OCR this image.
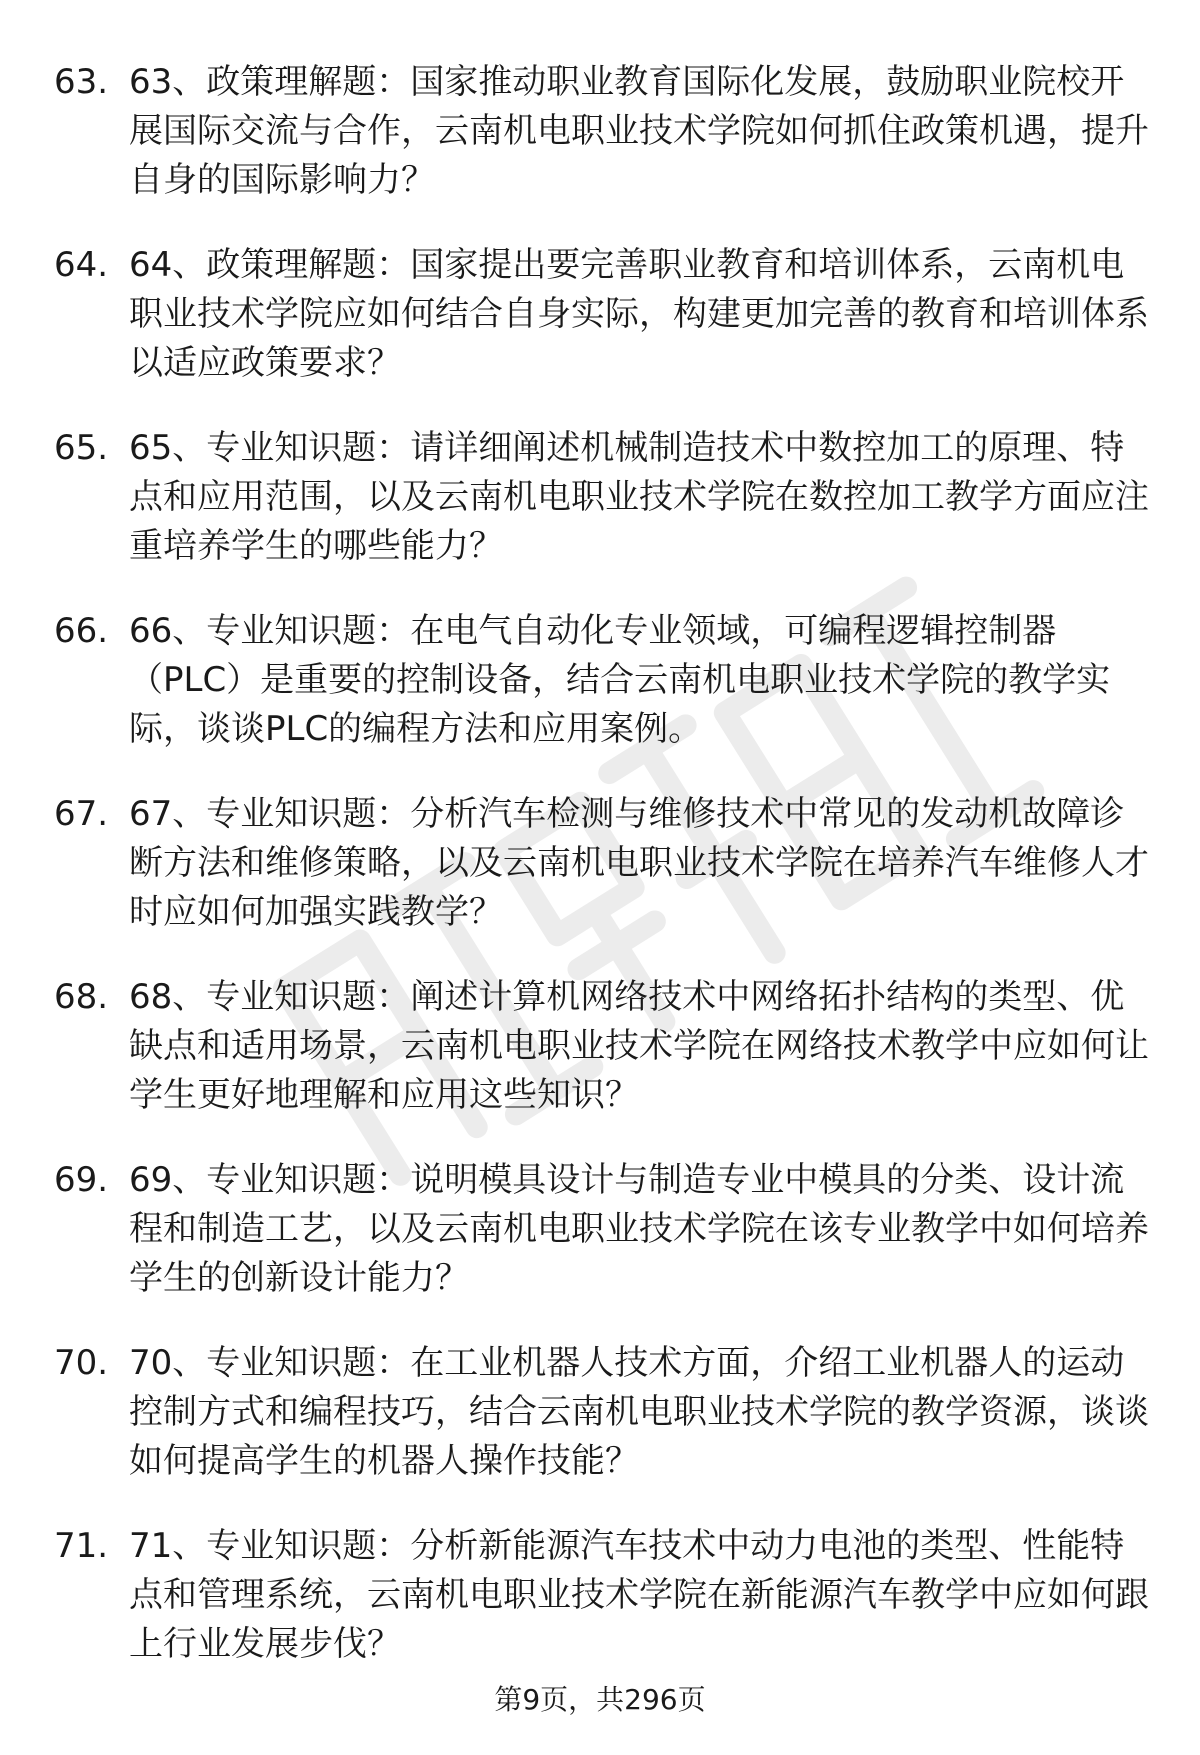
63. 63、政策理解题：国家推动职业教育国际化发展，鼓励职业院校开展国际交流与合作，云南机电职业技术学院如何抓住政策机遇，提升自身的国际影响力？
64. 64、政策理解题：国家提出要完善职业教育和培训体系，云南机电职业技术学院应如何结合自身实际，构建更加完善的教育和培训体系以适应政策要求？
65. 65、专业知识题：请详细阐述机械制造技术中数控加工的原理、特点和应用范围，以及云南机电职业技术学院在数控加工教学方面应注重培养学生的哪些能力？
66. 66、专业知识题：在电气自动化专业领域，可编程逻辑控制器（PLC）是重要的控制设备，结合云南机电职业技术学院的教学实际，谈谈PLC的编程方法和应用案例。
67. 67、专业知识题：分析汽车检测与维修技术中常见的发动机故障诊断方法和维修策略，以及云南机电职业技术学院在培养汽车维修人才时应如何加强实践教学？
68. 68、专业知识题：阐述计算机网络技术中网络拓扑结构的类型、优缺点和适用场景，云南机电职业技术学院在网络技术教学中应如何让学生更好地理解和应用这些知识？
69. 69、专业知识题：说明模具设计与制造专业中模具的分类、设计流程和制造工艺，以及云南机电职业技术学院在该专业教学中如何培养学生的创新设计能力？
70. 70、专业知识题：在工业机器人技术方面，介绍工业机器人的运动控制方式和编程技巧，结合云南机电职业技术学院的教学资源，谈谈如何提高学生的机器人操作技能？
71. 71、专业知识题：分析新能源汽车技术中动力电池的类型、性能特点和管理系统，云南机电职业技术学院在新能源汽车教学中应如何跟上行业发展步伐？
第9页，共296页
